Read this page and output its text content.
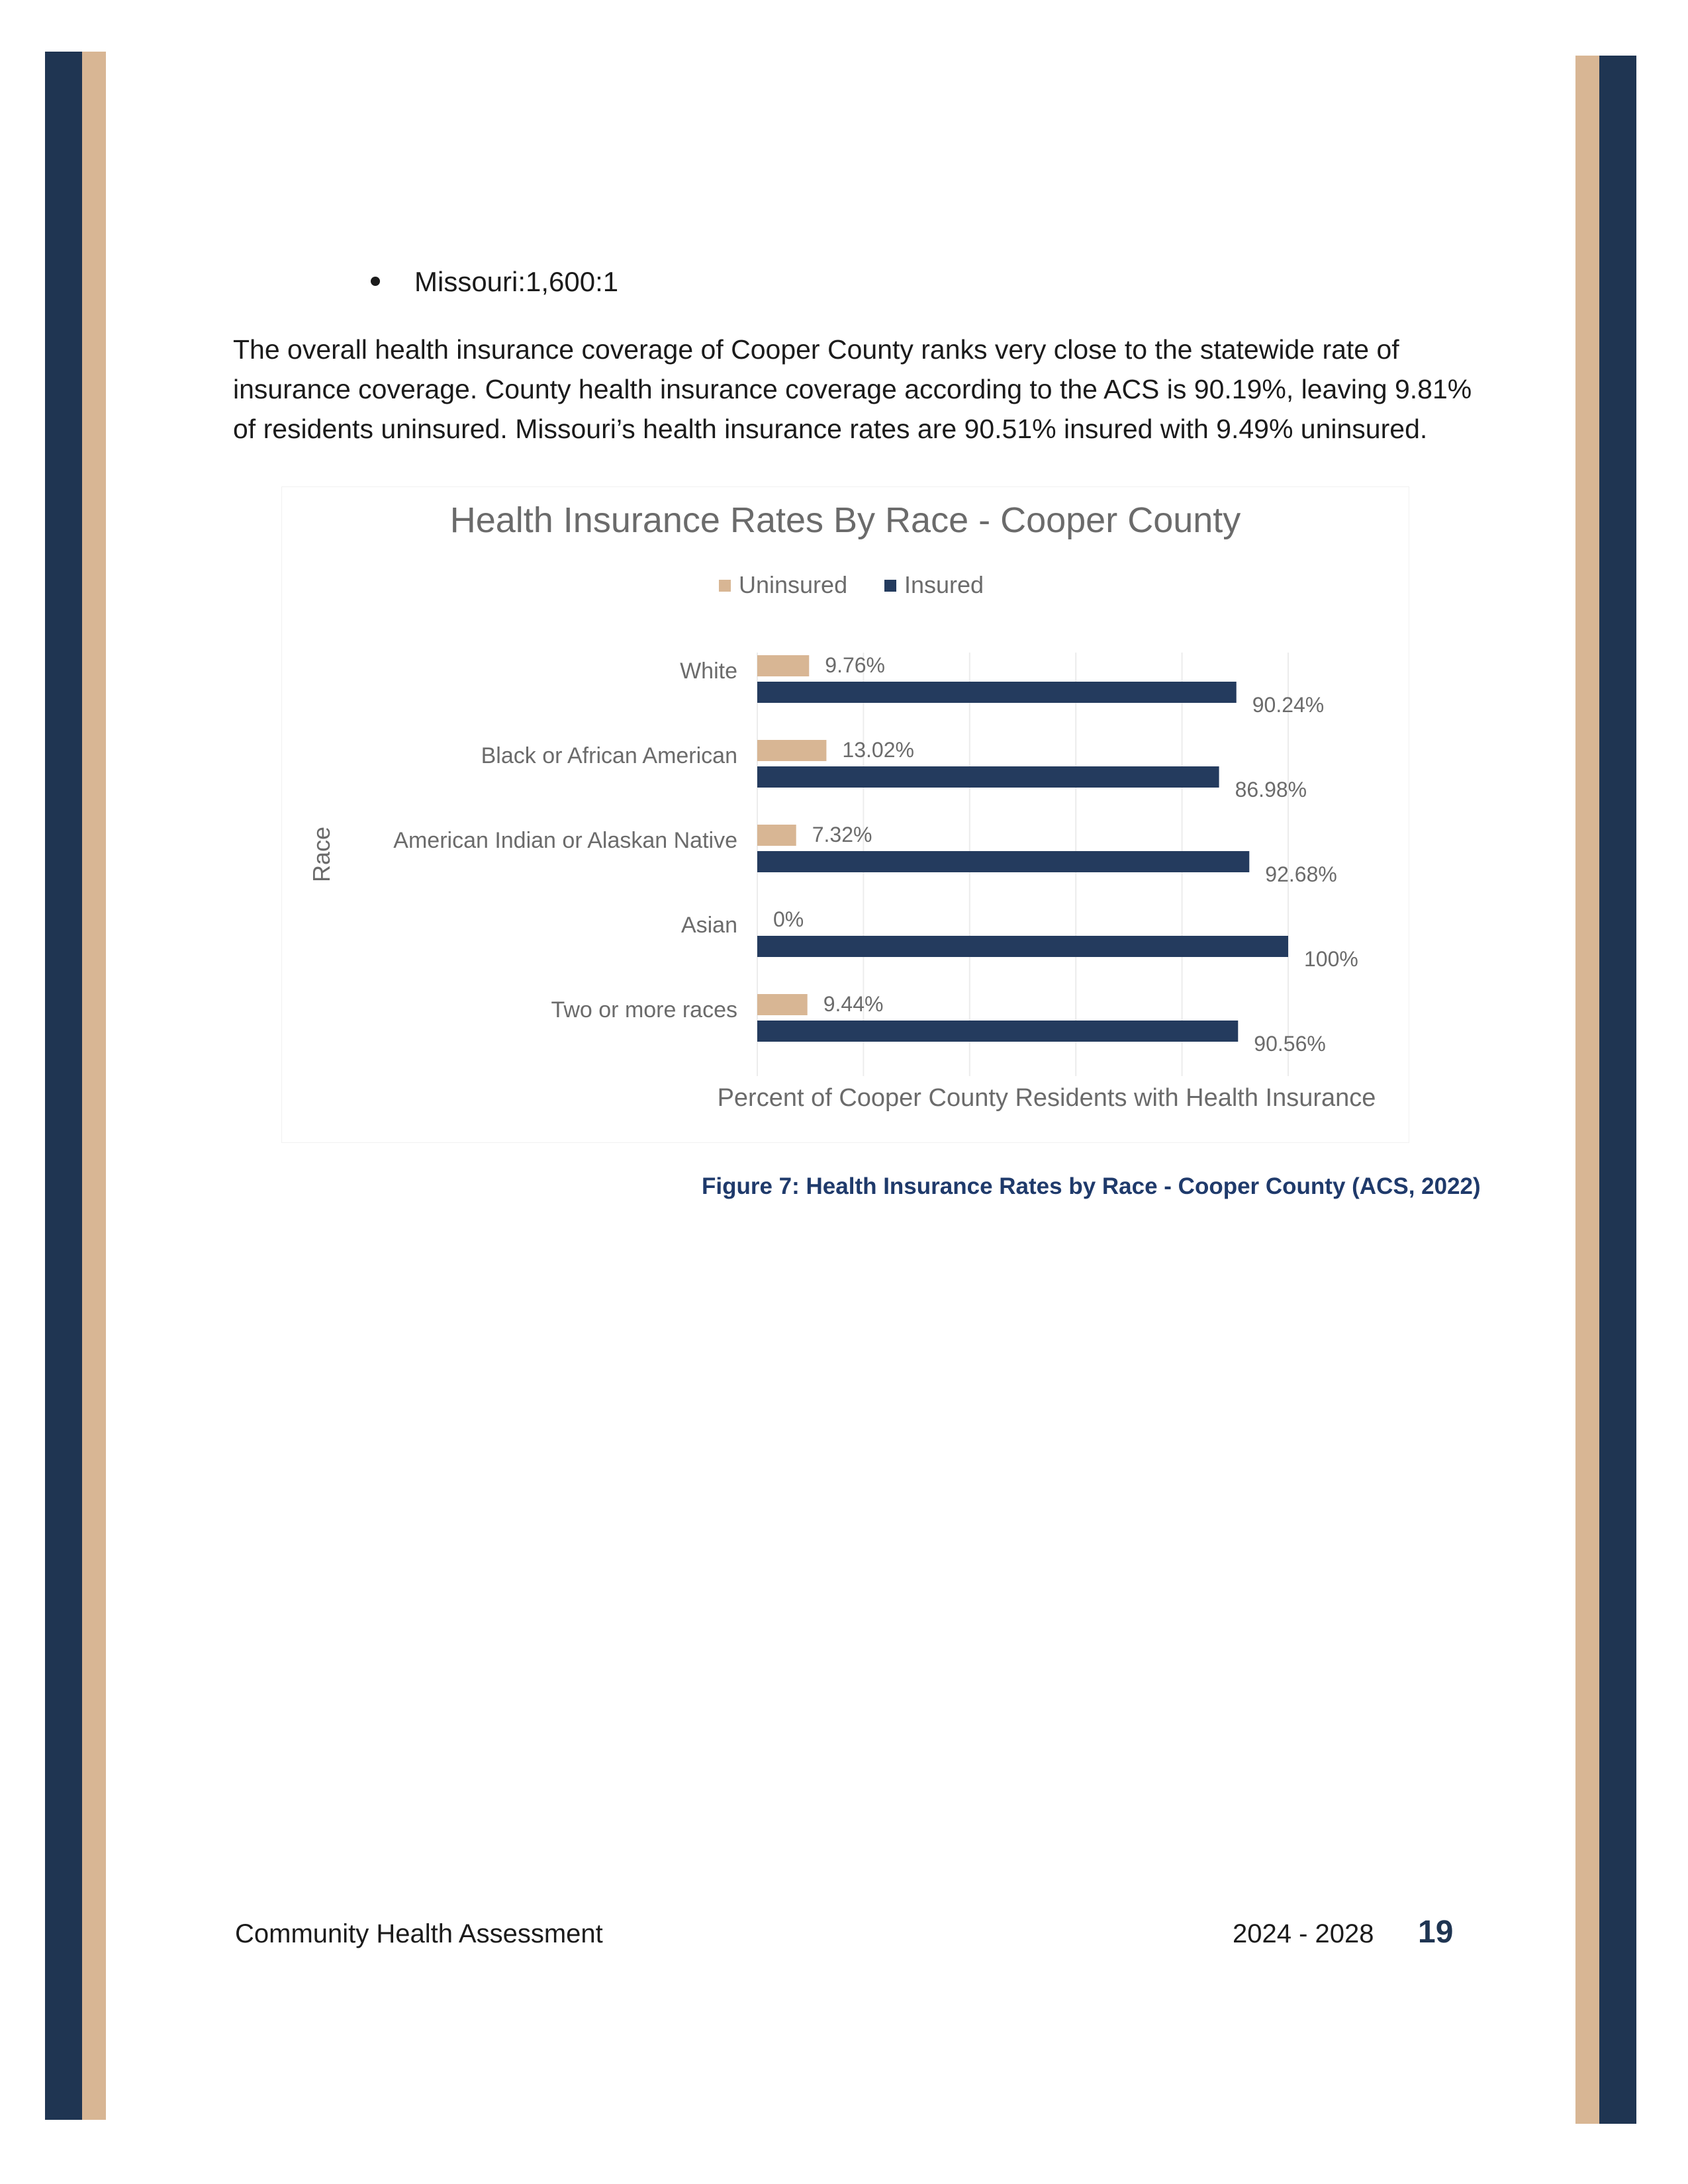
Missouri:1,600:1

The overall health insurance coverage of Cooper County ranks very close to the statewide rate of

insurance coverage. County health insurance coverage according to the ACS is 90.19%, leaving 9.81%

of residents uninsured. Missouri’s health insurance rates are 90.51% insured with 9.49% uninsured.

Health Insurance Rates By Race - Cooper County
Uninsured Insured
White	9.76%
90.24%
Black or African American	13.02%
86.98%
American Indian or Alaskan Native	7.32%
92.68%
Asian 0%
100%
Two or more races	9.44%
90.56%
Race
Percent of Cooper County Residents with Health Insurance
Figure 7: Health Insurance Rates by Race - Cooper County (ACS, 2022)
Community Health Assessment	2024 - 2028 19
